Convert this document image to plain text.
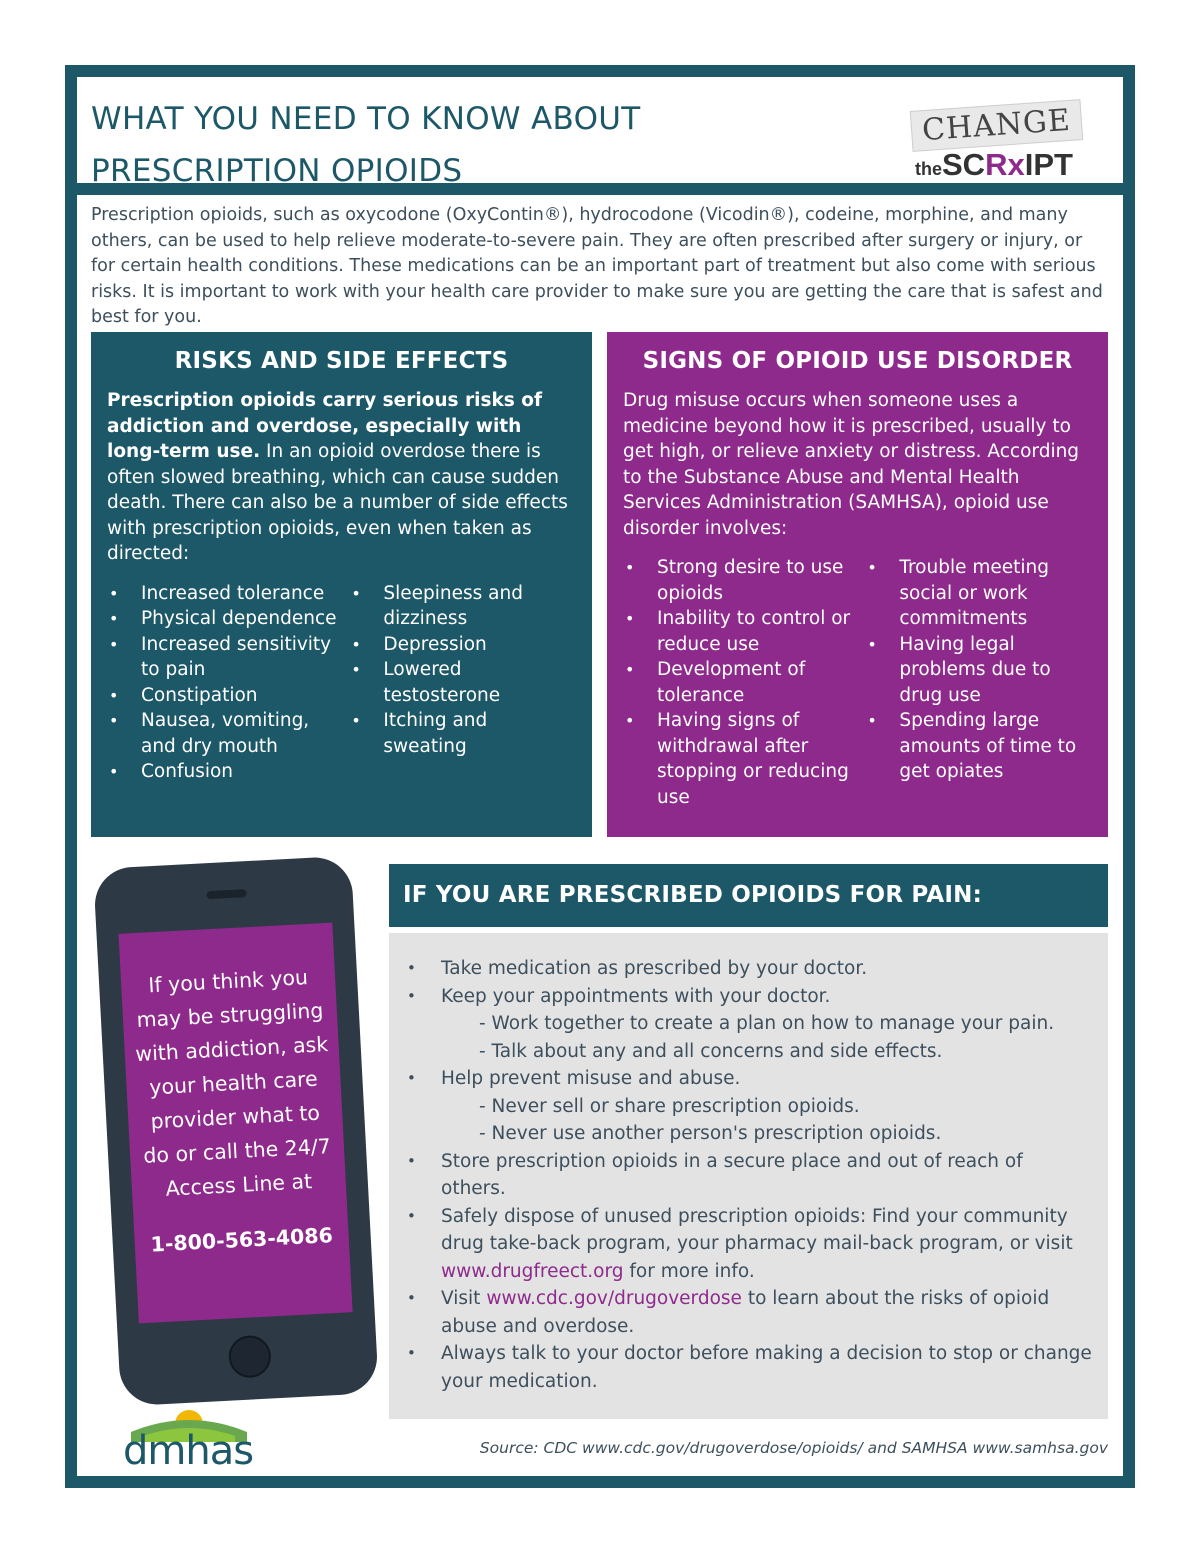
WHAT YOU NEED TO KNOW ABOUT
PRESCRIPTION OPIOIDS
CHANGE
theSCRxIPT

Prescription opioids, such as oxycodone (OxyContin®), hydrocodone (Vicodin®), codeine, morphine, and many others, can be used to help relieve moderate-to-severe pain. They are often prescribed after surgery or injury, or for certain health conditions. These medications can be an important part of treatment but also come with serious risks. It is important to work with your health care provider to make sure you are getting the care that is safest and best for you.

RISKS AND SIDE EFFECTS

Prescription opioids carry serious risks of addiction and overdose, especially with long-term use. In an opioid overdose there is often slowed breathing, which can cause sudden death. There can also be a number of side effects with prescription opioids, even when taken as directed:

• Increased tolerance
• Physical dependence
• Increased sensitivity to pain
• Constipation
• Nausea, vomiting, and dry mouth
• Confusion
• Sleepiness and dizziness
• Depression
• Lowered testosterone
• Itching and sweating
SIGNS OF OPIOID USE DISORDER

Drug misuse occurs when someone uses a medicine beyond how it is prescribed, usually to get high, or relieve anxiety or distress. According to the Substance Abuse and Mental Health Services Administration (SAMHSA), opioid use disorder involves:

• Strong desire to use opioids
• Inability to control or reduce use
• Development of tolerance
• Having signs of withdrawal after stopping or reducing use
• Trouble meeting social or work commitments
• Having legal problems due to drug use
• Spending large amounts of time to get opiates
If you think you may be struggling with addiction, ask your health care provider what to do or call the 24/7 Access Line at
1-800-563-4086
IF YOU ARE PRESCRIBED OPIOIDS FOR PAIN:
• Take medication as prescribed by your doctor.
• Keep your appointments with your doctor.
- Work together to create a plan on how to manage your pain.
- Talk about any and all concerns and side effects.
• Help prevent misuse and abuse.
- Never sell or share prescription opioids.
- Never use another person's prescription opioids.
• Store prescription opioids in a secure place and out of reach of others.
• Safely dispose of unused prescription opioids: Find your community drug take-back program, your pharmacy mail-back program, or visit www.drugfreect.org for more info.
• Visit www.cdc.gov/drugoverdose to learn about the risks of opioid abuse and overdose.
• Always talk to your doctor before making a decision to stop or change your medication.
dmhas	Source: CDC www.cdc.gov/drugoverdose/opioids/ and SAMHSA www.samhsa.gov
